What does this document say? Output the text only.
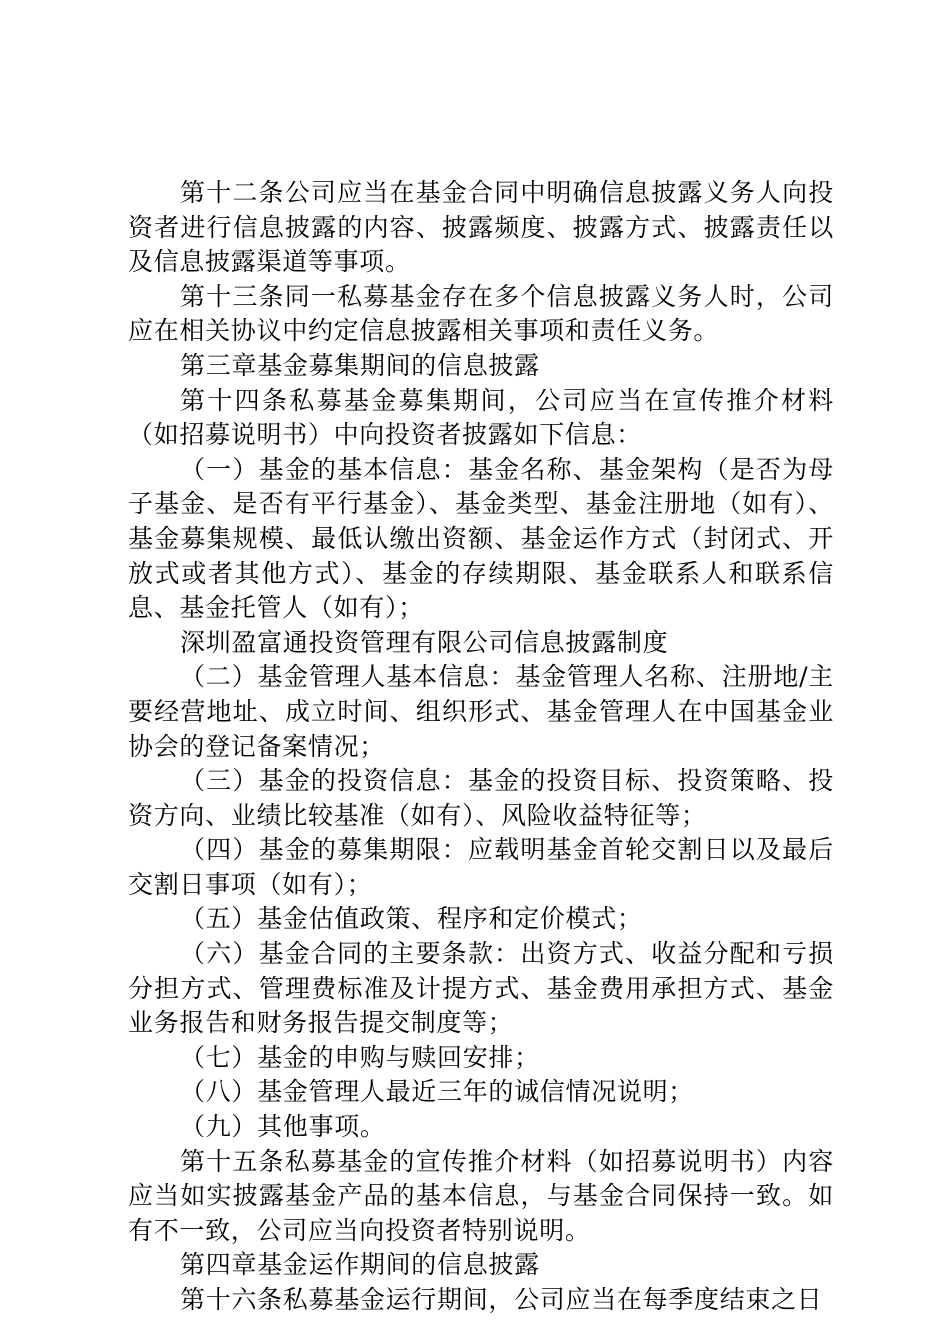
第十二条公司应当在基金合同中明确信息披露义务人向投资者进行信息披露的内容、披露频度、披露方式、披露责任以及信息披露渠道等事项。

第十三条同一私募基金存在多个信息披露义务人时，公司应在相关协议中约定信息披露相关事项和责任义务。

第三章基金募集期间的信息披露

第十四条私募基金募集期间，公司应当在宣传推介材料（如招募说明书）中向投资者披露如下信息：

（一）基金的基本信息：基金名称、基金架构（是否为母子基金、是否有平行基金）、基金类型、基金注册地（如有）、基金募集规模、最低认缴出资额、基金运作方式（封闭式、开放式或者其他方式）、基金的存续期限、基金联系人和联系信息、基金托管人（如有）；

深圳盈富通投资管理有限公司信息披露制度

（二）基金管理人基本信息：基金管理人名称、注册地/主要经营地址、成立时间、组织形式、基金管理人在中国基金业协会的登记备案情况；

（三）基金的投资信息：基金的投资目标、投资策略、投资方向、业绩比较基准（如有）、风险收益特征等；

（四）基金的募集期限：应载明基金首轮交割日以及最后交割日事项（如有）；

（五）基金估值政策、程序和定价模式；

（六）基金合同的主要条款：出资方式、收益分配和亏损分担方式、管理费标准及计提方式、基金费用承担方式、基金业务报告和财务报告提交制度等；

（七）基金的申购与赎回安排；

（八）基金管理人最近三年的诚信情况说明；

（九）其他事项。

第十五条私募基金的宣传推介材料（如招募说明书）内容应当如实披露基金产品的基本信息，与基金合同保持一致。如有不一致，公司应当向投资者特别说明。

第四章基金运作期间的信息披露

第十六条私募基金运行期间，公司应当在每季度结束之日
